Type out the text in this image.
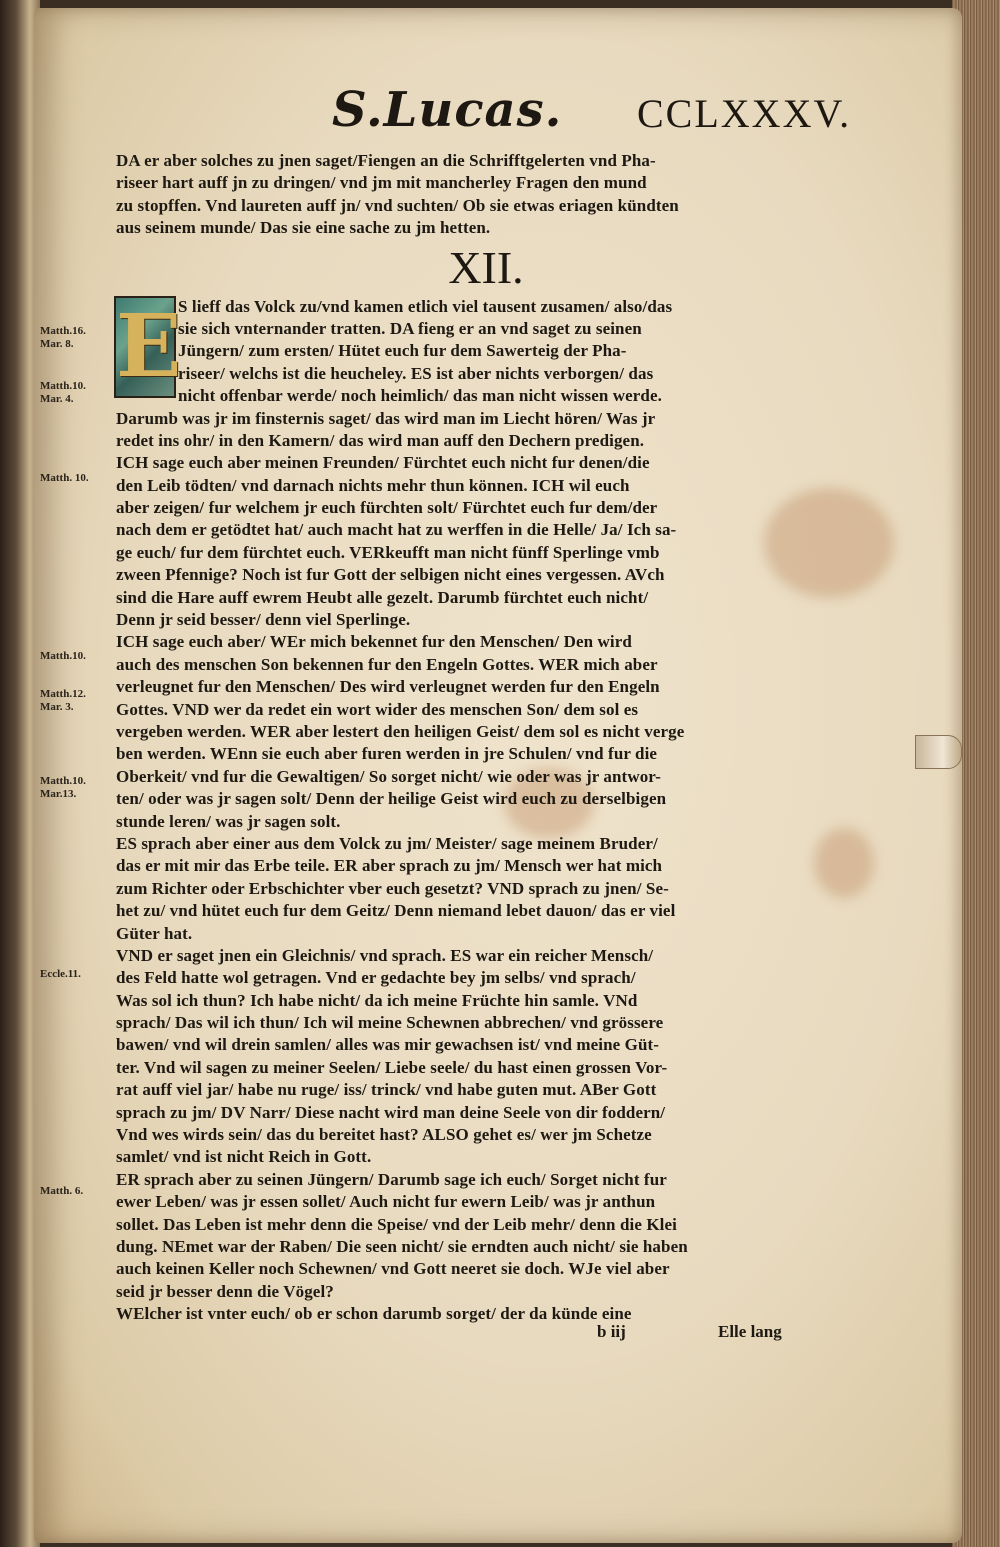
S.Lucas. CCLXXXV.
Matth.16.
Mar. 8.
Matth.10.
Mar. 4.
Matth. 10.
Matth.10.
Matth.12.
Mar. 3.
Matth.10.
Mar.13.
Eccle.11.
Matth. 6.
E
DA er aber solches zu jnen saget/Fiengen an die Schrifftgelerten vnd Pha-
riseer hart auff jn zu dringen/ vnd jm mit mancherley Fragen den mund
zu stopffen. Vnd laureten auff jn/ vnd suchten/ Ob sie etwas eriagen kündten
aus seinem munde/ Das sie eine sache zu jm hetten.
XII.
S lieff das Volck zu/vnd kamen etlich viel tausent zusamen/ also/das
sie sich vnternander tratten. DA fieng er an vnd saget zu seinen
Jüngern/ zum ersten/ Hütet euch fur dem Sawerteig der Pha-
riseer/ welchs ist die heucheley. ES ist aber nichts verborgen/ das
nicht offenbar werde/ noch heimlich/ das man nicht wissen werde.
Darumb was jr im finsternis saget/ das wird man im Liecht hören/ Was jr
redet ins ohr/ in den Kamern/ das wird man auff den Dechern predigen.
ICH sage euch aber meinen Freunden/ Fürchtet euch nicht fur denen/die
den Leib tödten/ vnd darnach nichts mehr thun können. ICH wil euch
aber zeigen/ fur welchem jr euch fürchten solt/ Fürchtet euch fur dem/der
nach dem er getödtet hat/ auch macht hat zu werffen in die Helle/ Ja/ Ich sa-
ge euch/ fur dem fürchtet euch. VERkeufft man nicht fünff Sperlinge vmb
zween Pfennige? Noch ist fur Gott der selbigen nicht eines vergessen. AVch
sind die Hare auff ewrem Heubt alle gezelt. Darumb fürchtet euch nicht/
Denn jr seid besser/ denn viel Sperlinge.
ICH sage euch aber/ WEr mich bekennet fur den Menschen/ Den wird
auch des menschen Son bekennen fur den Engeln Gottes. WER mich aber
verleugnet fur den Menschen/ Des wird verleugnet werden fur den Engeln
Gottes. VND wer da redet ein wort wider des menschen Son/ dem sol es
vergeben werden. WER aber lestert den heiligen Geist/ dem sol es nicht verge
ben werden. WEnn sie euch aber furen werden in jre Schulen/ vnd fur die
Oberkeit/ vnd fur die Gewaltigen/ So sorget nicht/ wie oder was jr antwor-
ten/ oder was jr sagen solt/ Denn der heilige Geist wird euch zu derselbigen
stunde leren/ was jr sagen solt.
ES sprach aber einer aus dem Volck zu jm/ Meister/ sage meinem Bruder/
das er mit mir das Erbe teile. ER aber sprach zu jm/ Mensch wer hat mich
zum Richter oder Erbschichter vber euch gesetzt? VND sprach zu jnen/ Se-
het zu/ vnd hütet euch fur dem Geitz/ Denn niemand lebet dauon/ das er viel
Güter hat.
VND er saget jnen ein Gleichnis/ vnd sprach. ES war ein reicher Mensch/
des Feld hatte wol getragen. Vnd er gedachte bey jm selbs/ vnd sprach/
Was sol ich thun? Ich habe nicht/ da ich meine Früchte hin samle. VNd
sprach/ Das wil ich thun/ Ich wil meine Schewnen abbrechen/ vnd grössere
bawen/ vnd wil drein samlen/ alles was mir gewachsen ist/ vnd meine Güt-
ter. Vnd wil sagen zu meiner Seelen/ Liebe seele/ du hast einen grossen Vor-
rat auff viel jar/ habe nu ruge/ iss/ trinck/ vnd habe guten mut. ABer Gott
sprach zu jm/ DV Narr/ Diese nacht wird man deine Seele von dir foddern/
Vnd wes wirds sein/ das du bereitet hast? ALSO gehet es/ wer jm Schetze
samlet/ vnd ist nicht Reich in Gott.
ER sprach aber zu seinen Jüngern/ Darumb sage ich euch/ Sorget nicht fur
ewer Leben/ was jr essen sollet/ Auch nicht fur ewern Leib/ was jr anthun
sollet. Das Leben ist mehr denn die Speise/ vnd der Leib mehr/ denn die Klei
dung. NEmet war der Raben/ Die seen nicht/ sie erndten auch nicht/ sie haben
auch keinen Keller noch Schewnen/ vnd Gott neeret sie doch. WJe viel aber
seid jr besser denn die Vögel?
WElcher ist vnter euch/ ob er schon darumb sorget/ der da künde eine
b iij	Elle lang
